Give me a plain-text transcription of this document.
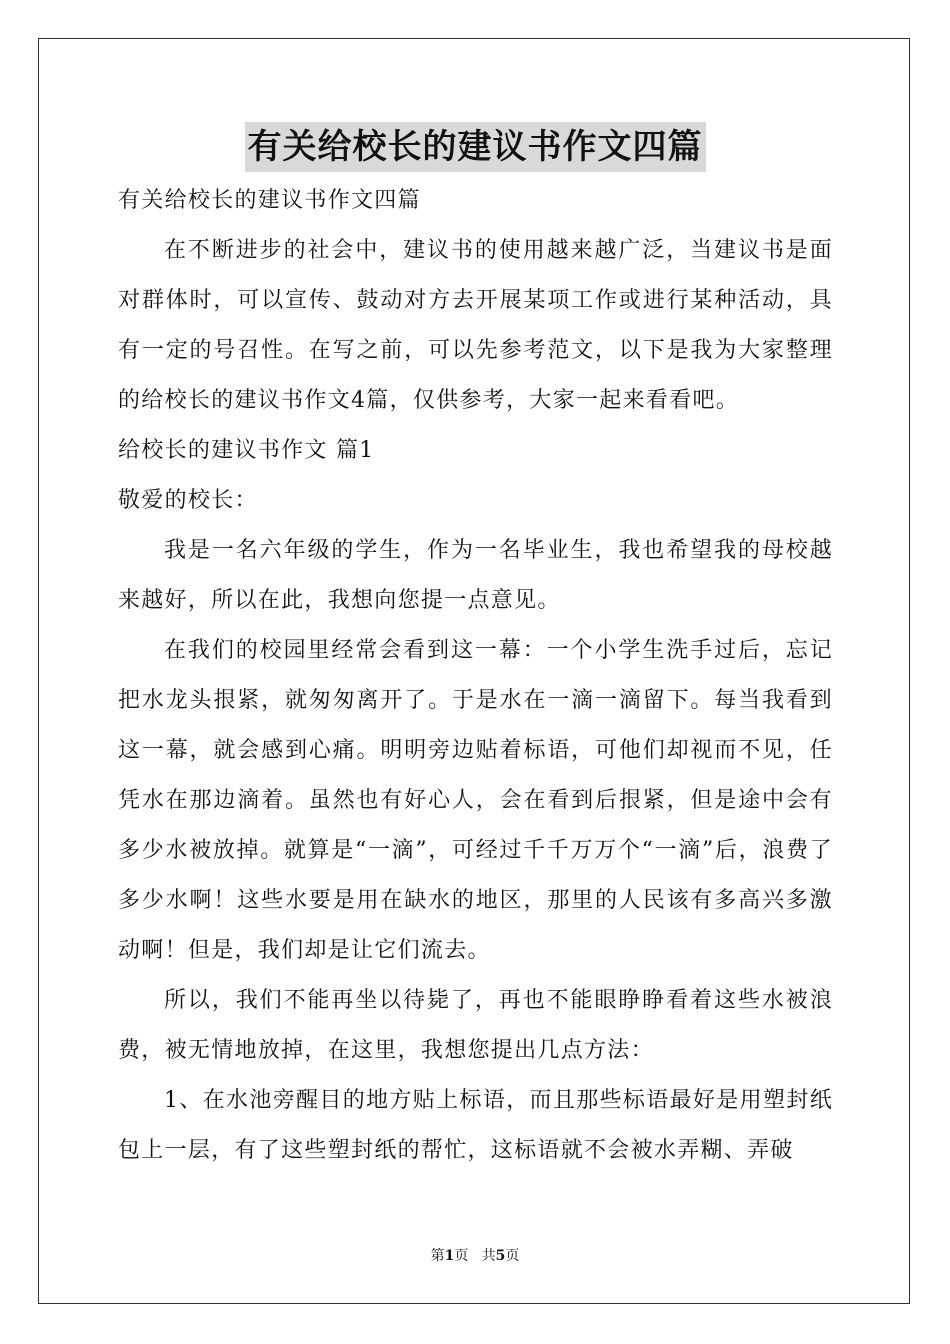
有关给校长的建议书作文四篇

有关给校长的建议书作文四篇

在不断进步的社会中，建议书的使用越来越广泛，当建议书是面对群体时，可以宣传、鼓动对方去开展某项工作或进行某种活动，具有一定的号召性。在写之前，可以先参考范文，以下是我为大家整理的给校长的建议书作文4篇，仅供参考，大家一起来看看吧。

给校长的建议书作文 篇1

敬爱的校长：

我是一名六年级的学生，作为一名毕业生，我也希望我的母校越来越好，所以在此，我想向您提一点意见。

在我们的校园里经常会看到这一幕：一个小学生洗手过后，忘记把水龙头拫紧，就匆匆离开了。于是水在一滴一滴留下。每当我看到这一幕，就会感到心痛。明明旁边贴着标语，可他们却视而不见，任凭水在那边滴着。虽然也有好心人，会在看到后拫紧，但是途中会有多少水被放掉。就算是“一滴”，可经过千千万万个“一滴”后，浪费了多少水啊！这些水要是用在缺水的地区，那里的人民该有多高兴多激动啊！但是，我们却是让它们流去。

所以，我们不能再坐以待毙了，再也不能眼睁睁看着这些水被浪费，被无情地放掉，在这里，我想您提出几点方法：

1、在水池旁醒目的地方贴上标语，而且那些标语最好是用塑封纸包上一层，有了这些塑封纸的帮忙，这标语就不会被水弄糊、弄破

第1页 共5页
